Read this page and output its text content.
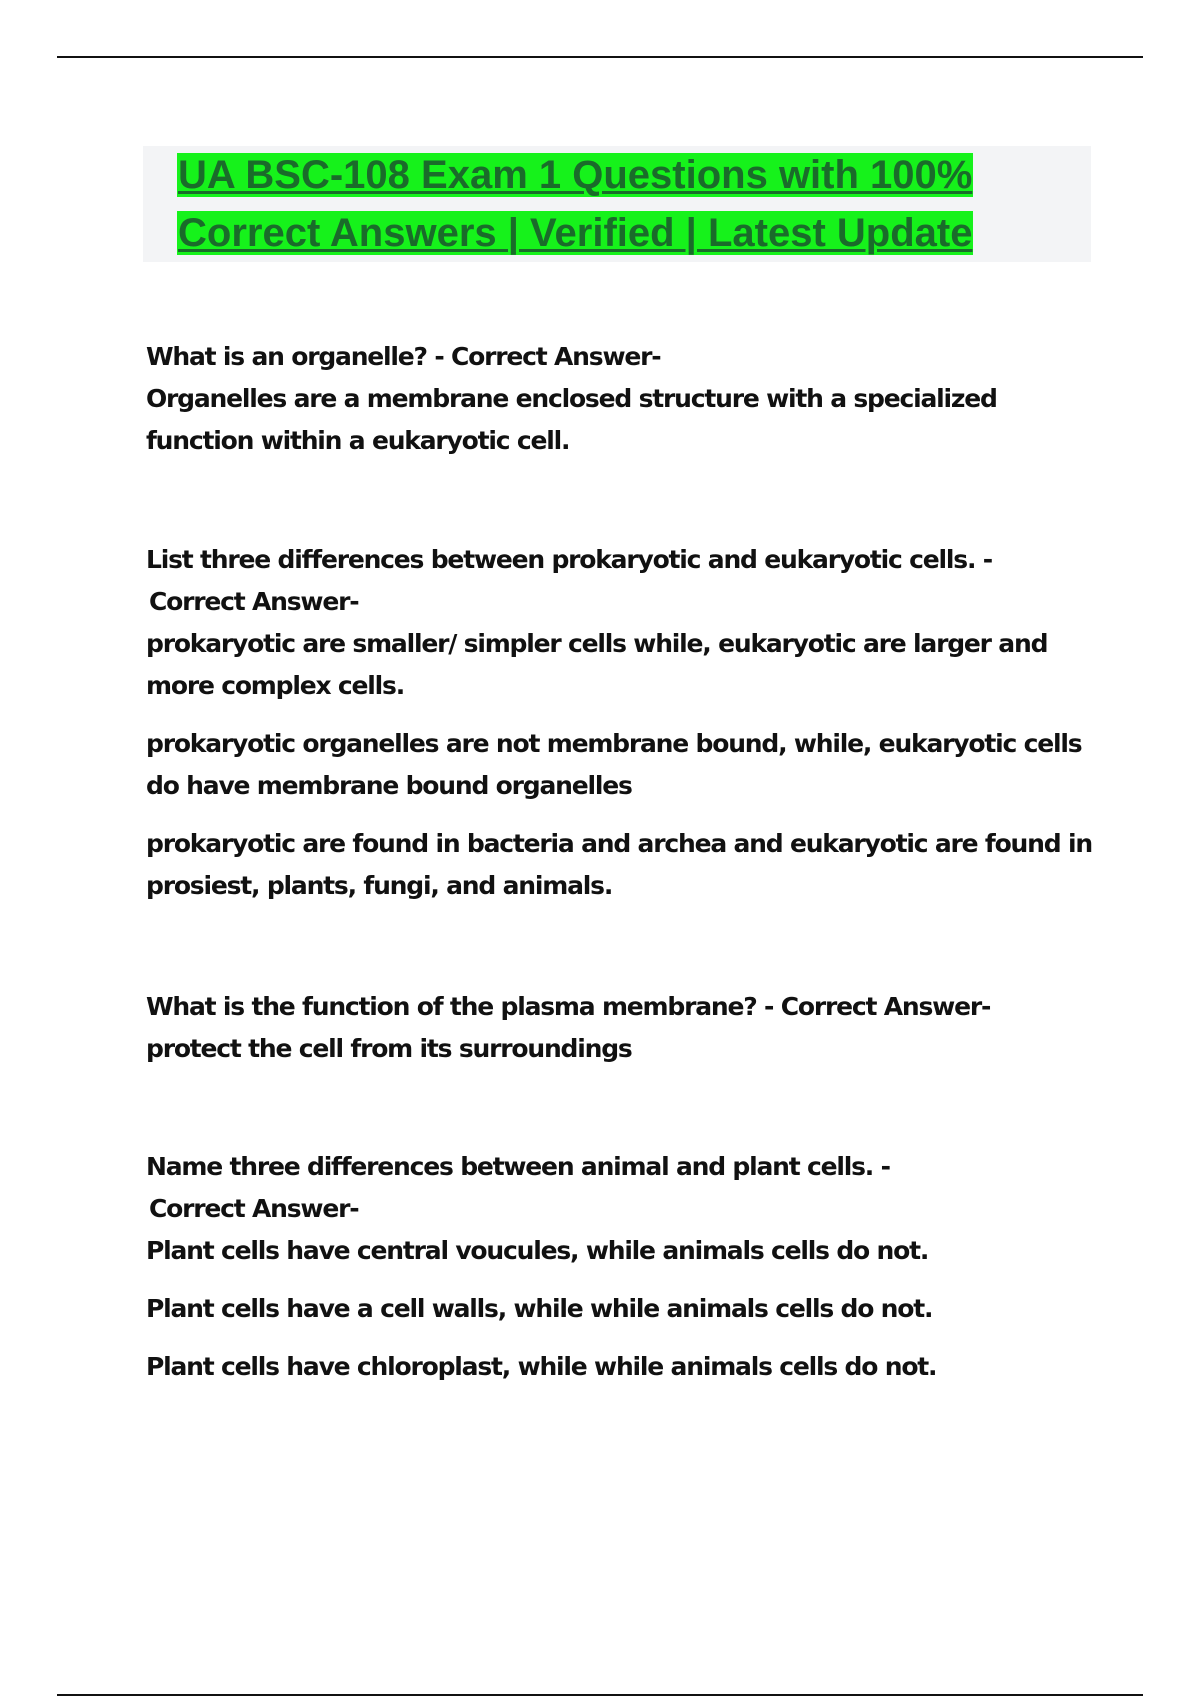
UA BSC-108 Exam 1 Questions with 100%
Correct Answers | Verified | Latest Update

What is an organelle? - Correct Answer-

Organelles are a membrane enclosed structure with a specialized function within a eukaryotic cell.

List three differences between prokaryotic and eukaryotic cells. -

Correct Answer-

prokaryotic are smaller/ simpler cells while, eukaryotic are larger and more complex cells.

prokaryotic organelles are not membrane bound, while, eukaryotic cells do have membrane bound organelles

prokaryotic are found in bacteria and archea and eukaryotic are found in prosiest, plants, fungi, and animals.

What is the function of the plasma membrane? - Correct Answer-

protect the cell from its surroundings

Name three differences between animal and plant cells. -

Correct Answer-

Plant cells have central voucules, while animals cells do not.

Plant cells have a cell walls, while while animals cells do not.

Plant cells have chloroplast, while while animals cells do not.
